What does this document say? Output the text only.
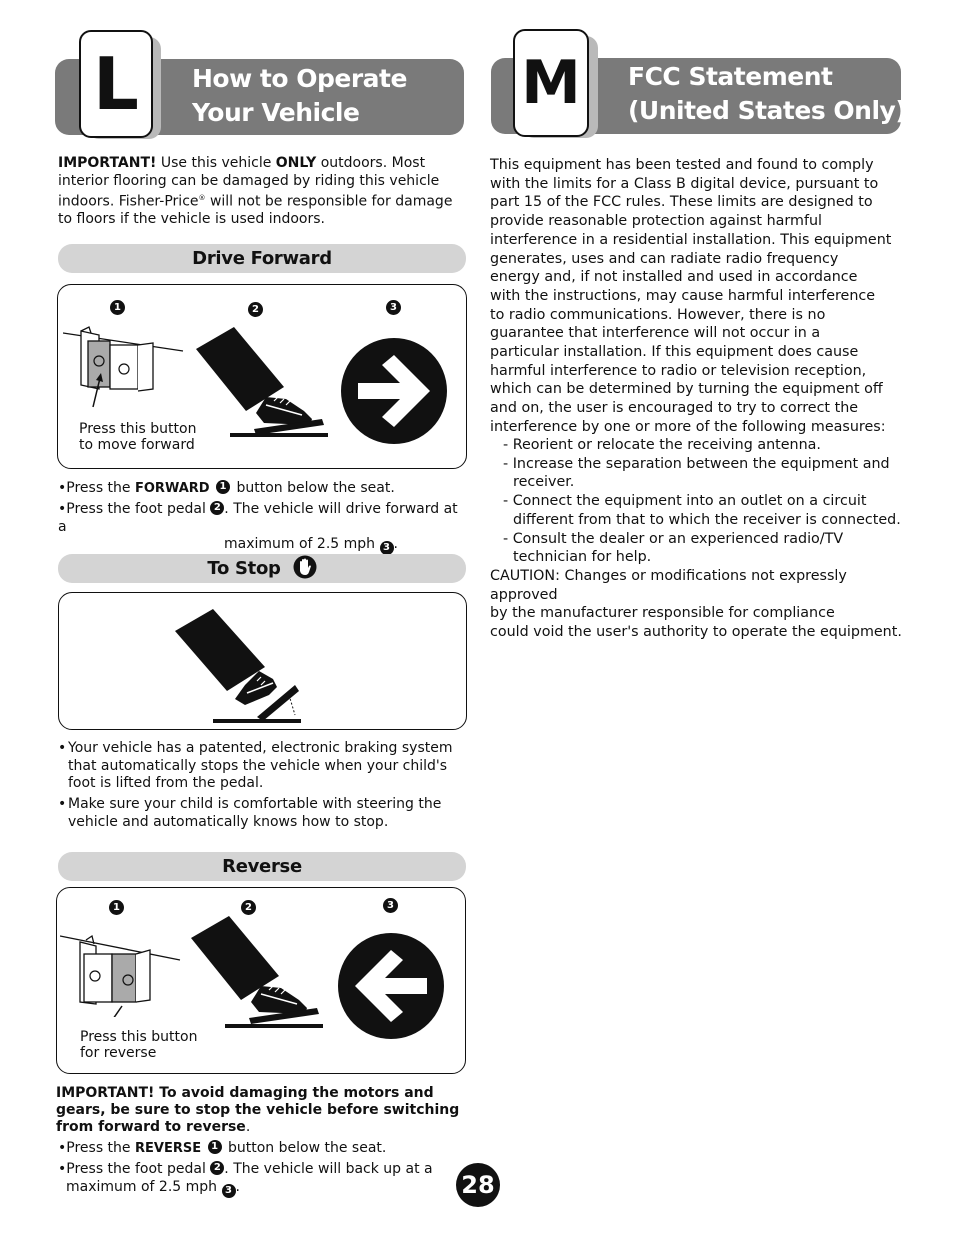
L	How to Operate
Your Vehicle	M	FCC Statement
(United States Only)
IMPORTANT! Use this vehicle ONLY outdoors. Most interior flooring can be damaged by riding this vehicle indoors. Fisher-Price® will not be responsible for damage to floors if the vehicle is used indoors.
Drive Forward
1	2	3
Press this button
to move forward
•Press the FORWARD 1 button below the seat.
•Press the foot pedal 2 . The vehicle will drive forward at a
maximum of 2.5 mph 3 .
To Stop
• Your vehicle has a patented, electronic braking system that automatically stops the vehicle when your child's foot is lifted from the pedal.
• Make sure your child is comfortable with steering the vehicle and automatically knows how to stop.
Reverse
1	2	3
Press this button
for reverse
IMPORTANT! To avoid damaging the motors and gears, be sure to stop the vehicle before switching from forward to reverse.
•Press the REVERSE 1 button below the seat.
•Press the foot pedal 2 . The vehicle will back up at a
maximum of 2.5 mph 3 .
This equipment has been tested and found to comply with the limits for a Class B digital device, pursuant to part 15 of the FCC rules. These limits are designed to provide reasonable protection against harmful interference in a residential installation. This equipment generates, uses and can radiate radio frequency energy and, if not installed and used in accordance with the instructions, may cause harmful interference to radio communications. However, there is no guarantee that interference will not occur in a particular installation. If this equipment does cause harmful interference to radio or television reception, which can be determined by turning the equipment off and on, the user is encouraged to try to correct the interference by one or more of the following measures:
- Reorient or relocate the receiving antenna.
- Increase the separation between the equipment and receiver.
- Connect the equipment into an outlet on a circuit different from that to which the receiver is connected.
- Consult the dealer or an experienced radio/TV technician for help.
CAUTION: Changes or modifications not expressly approved
by the manufacturer responsible for compliance
could void the user's authority to operate the equipment.
28
